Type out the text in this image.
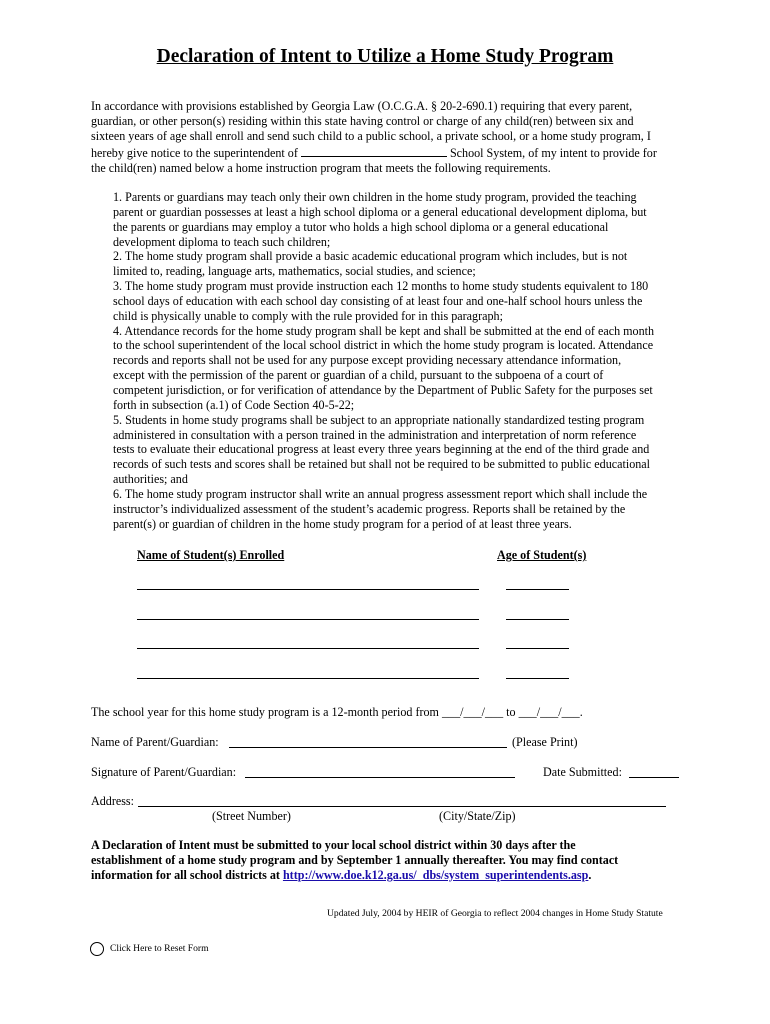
Declaration of Intent to Utilize a Home Study Program

In accordance with provisions established by Georgia Law (O.C.G.A. § 20-2-690.1) requiring that every parent,
guardian, or other person(s) residing within this state having control or charge of any child(ren) between six and
sixteen years of age shall enroll and send such child to a public school, a private school, or a home study program, I
hereby give notice to the superintendent of	School System, of my intent to provide for
the child(ren) named below a home instruction program that meets the following requirements.

1. Parents or guardians may teach only their own children in the home study program, provided the teaching
parent or guardian possesses at least a high school diploma or a general educational development diploma, but
the parents or guardians may employ a tutor who holds a high school diploma or a general educational
development diploma to teach such children;
2. The home study program shall provide a basic academic educational program which includes, but is not
limited to, reading, language arts, mathematics, social studies, and science;
3. The home study program must provide instruction each 12 months to home study students equivalent to 180
school days of education with each school day consisting of at least four and one-half school hours unless the
child is physically unable to comply with the rule provided for in this paragraph;
4. Attendance records for the home study program shall be kept and shall be submitted at the end of each month
to the school superintendent of the local school district in which the home study program is located. Attendance
records and reports shall not be used for any purpose except providing necessary attendance information,
except with the permission of the parent or guardian of a child, pursuant to the subpoena of a court of
competent jurisdiction, or for verification of attendance by the Department of Public Safety for the purposes set
forth in subsection (a.1) of Code Section 40-5-22;
5. Students in home study programs shall be subject to an appropriate nationally standardized testing program
administered in consultation with a person trained in the administration and interpretation of norm reference
tests to evaluate their educational progress at least every three years beginning at the end of the third grade and
records of such tests and scores shall be retained but shall not be required to be submitted to public educational
authorities; and
6. The home study program instructor shall write an annual progress assessment report which shall include the
instructor’s individualized assessment of the student’s academic progress. Reports shall be retained by the
parent(s) or guardian of children in the home study program for a period of at least three years.
Name of Student(s) Enrolled	Age of Student(s)
The school year for this home study program is a 12-month period from ___/___/___ to ___/___/___.
Name of Parent/Guardian:	(Please Print)
Signature of Parent/Guardian:	Date Submitted:
Address:
(Street Number)	(City/State/Zip)

A Declaration of Intent must be submitted to your local school district within 30 days after the
establishment of a home study program and by September 1 annually thereafter. You may find contact
information for all school districts at http://www.doe.k12.ga.us/_dbs/system_superintendents.asp.

Updated July, 2004 by HEIR of Georgia to reflect 2004 changes in Home Study Statute
Click Here to Reset Form
